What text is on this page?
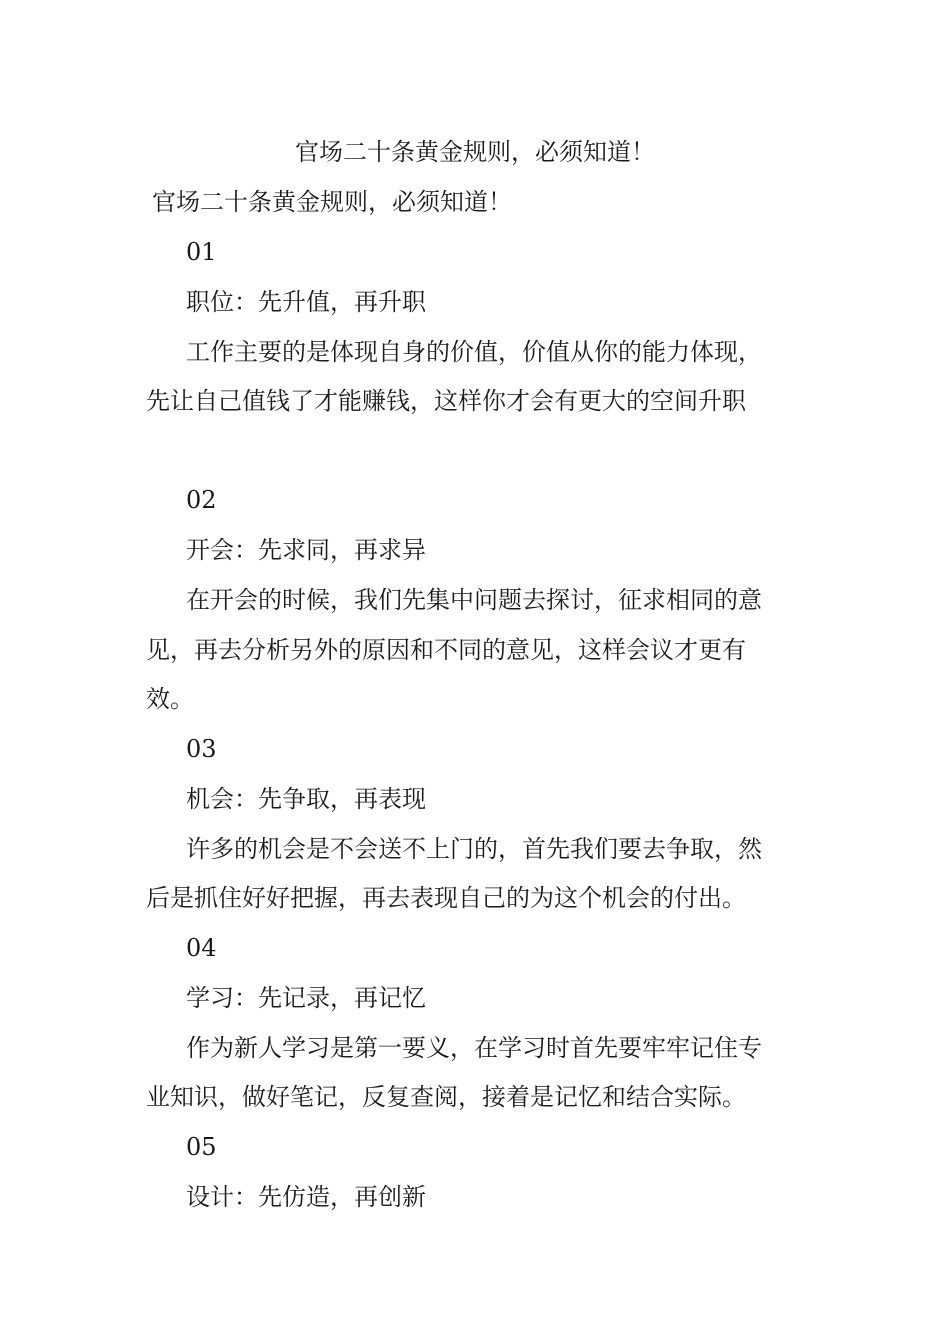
官场二十条黄金规则，必须知道！

官场二十条黄金规则，必须知道！

01

职位：先升值，再升职

工作主要的是体现自身的价值，价值从你的能力体现，

先让自己值钱了才能赚钱，这样你才会有更大的空间升职

02

开会：先求同，再求异

在开会的时候，我们先集中问题去探讨，征求相同的意

见，再去分析另外的原因和不同的意见，这样会议才更有

效。

03

机会：先争取，再表现

许多的机会是不会送不上门的，首先我们要去争取，然

后是抓住好好把握，再去表现自己的为这个机会的付出。

04

学习：先记录，再记忆

作为新人学习是第一要义，在学习时首先要牢牢记住专

业知识，做好笔记，反复查阅，接着是记忆和结合实际。

05

设计：先仿造，再创新
